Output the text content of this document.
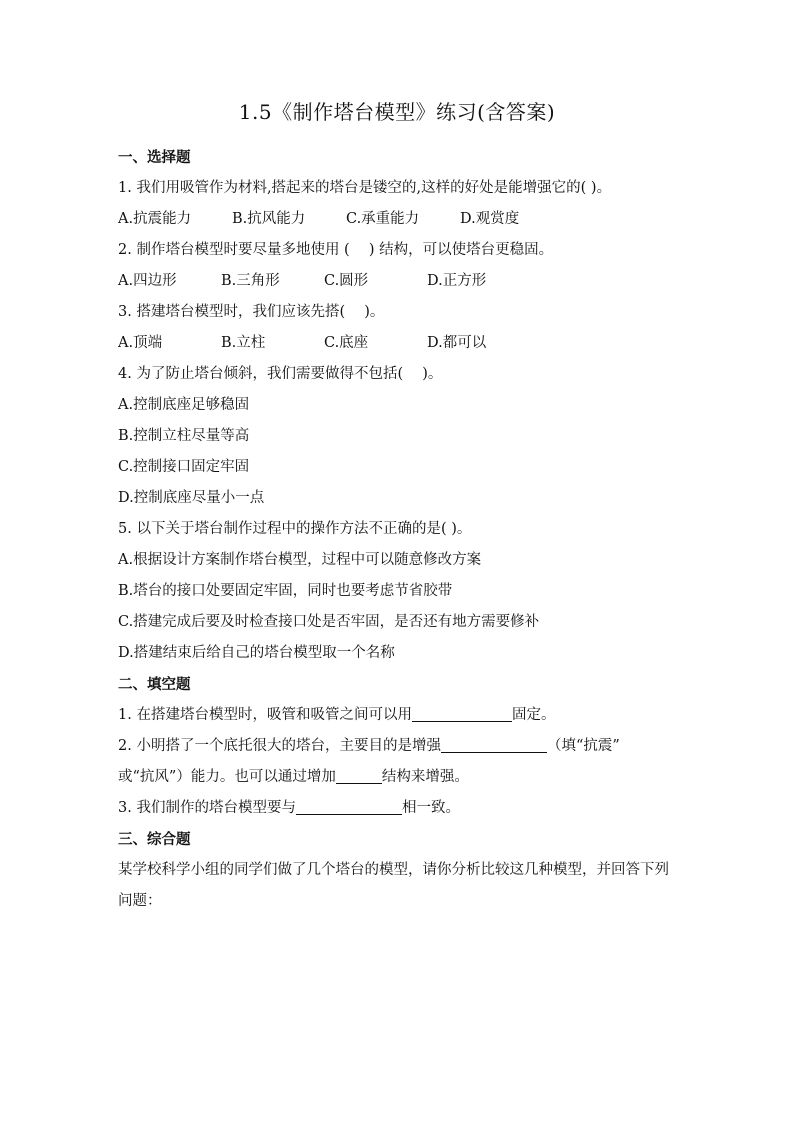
1.5《制作塔台模型》练习(含答案)
一、选择题
1. 我们用吸管作为材料,搭起来的塔台是镂空的,这样的好处是能增强它的( )。
A.抗震能力	B.抗风能力	C.承重能力	D.观赏度
2. 制作塔台模型时要尽量多地使用 (　 ) 结构，可以使塔台更稳固。
A.四边形	B.三角形	C.圆形	D.正方形
3. 搭建塔台模型时，我们应该先搭(　 )。
A.顶端	B.立柱	C.底座	D.都可以
4. 为了防止塔台倾斜，我们需要做得不包括(　 )。
A.控制底座足够稳固
B.控制立柱尽量等高
C.控制接口固定牢固
D.控制底座尽量小一点
5. 以下关于塔台制作过程中的操作方法不正确的是( )。
A.根据设计方案制作塔台模型，过程中可以随意修改方案
B.塔台的接口处要固定牢固，同时也要考虑节省胶带
C.搭建完成后要及时检查接口处是否牢固，是否还有地方需要修补
D.搭建结束后给自己的塔台模型取一个名称
二、填空题
1. 在搭建塔台模型时，吸管和吸管之间可以用	固定。
2. 小明搭了一个底托很大的塔台，主要目的是增强	（填“抗震”
或“抗风”）能力。也可以通过增加	结构来增强。
3. 我们制作的塔台模型要与	相一致。
三、综合题
某学校科学小组的同学们做了几个塔台的模型，请你分析比较这几种模型，并回答下列问题：
